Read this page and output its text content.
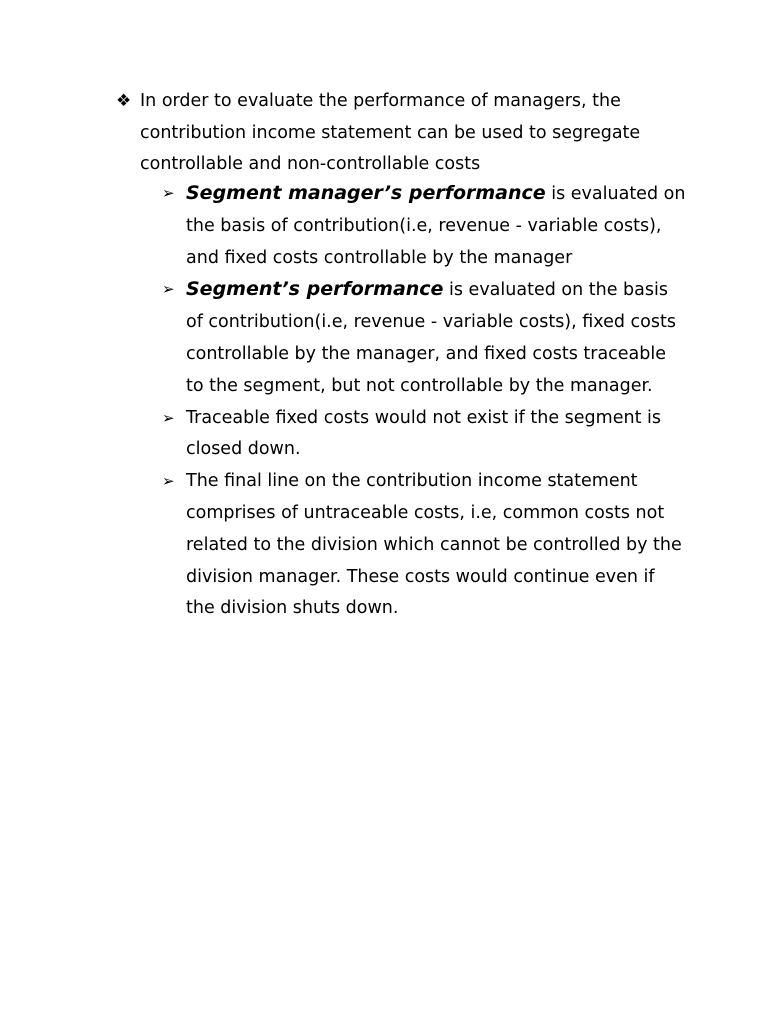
❖ In order to evaluate the performance of managers, the contribution income statement can be used to segregate controllable and non-controllable costs
➢ Segment manager’s performance is evaluated on the basis of contribution(i.e, revenue - variable costs), and fixed costs controllable by the manager
➢ Segment’s performance is evaluated on the basis of contribution(i.e, revenue - variable costs), fixed costs controllable by the manager, and fixed costs traceable to the segment, but not controllable by the manager.
➢ Traceable fixed costs would not exist if the segment is closed down.
➢ The final line on the contribution income statement comprises of untraceable costs, i.e, common costs not related to the division which cannot be controlled by the division manager. These costs would continue even if the division shuts down.
